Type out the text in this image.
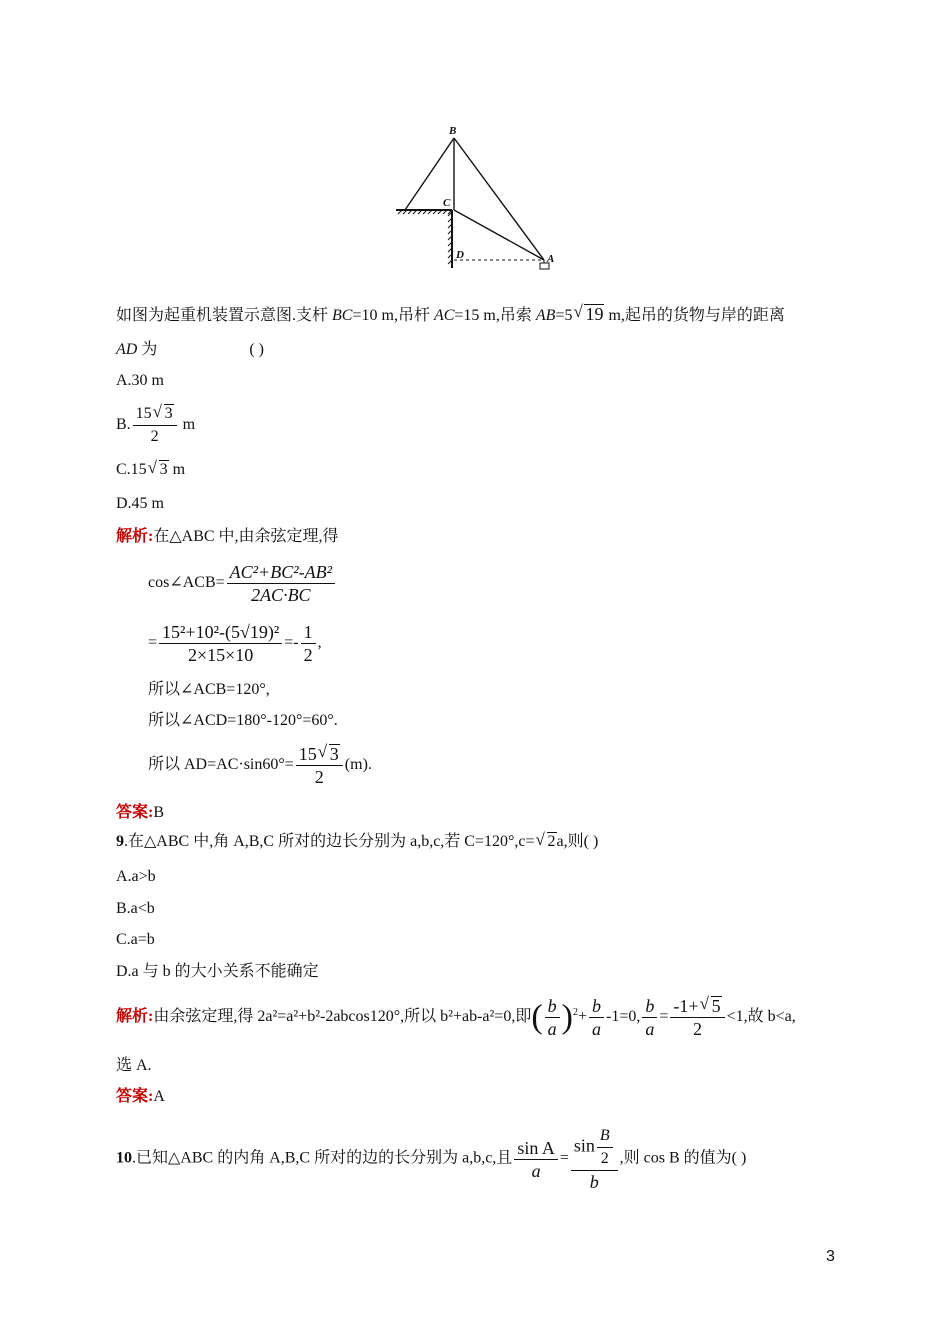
B
C
D	A
如图为起重机装置示意图.支杆 BC=10 m,吊杆 AC=15 m,吊索 AB=5 √ 19 m,起吊的货物与岸的距离
AD 为	( )
A.30 m
B. $\frac{15 √ 3}{2}$ m
C.15 √ 3 m
D.45 m
解析:在△ABC 中,由余弦定理,得
cos∠ACB= $\frac{\text{AC²+BC²-AB²}}{2AC\cdot BC}$
= $\frac{\text{15²+10²-(5√19)²}}{2\times 15\times 10} =- \frac{1}{2}$ ,
所以∠ACB=120°,
所以∠ACD=180°-120°=60°.
所以 $AD=AC\cdot\sin 60^\circ= \frac{15 √ 3}{2} (m)$.
答案:B
9.在△ABC 中,角 A,B,C 所对的边长分别为 a,b,c,若 C=120°,c= √ 2a,则( )
A.a>b
B.a<b
C.a=b
D.a 与 b 的大小关系不能确定
解析:由余弦定理,得 2a²=a²+b²-2abcos120°,所以 b²+ab-a²=0,即( $\frac{b}{a} )^2+ \frac{b}{a} -1=0$, $\frac{b}{a} = \frac{-1+ √ 5}{2} <1$,故 b<a,
选 A.
答案:A
10.已知△ABC 的内角 A,B,C 所对的边的长分别为 a,b,c,且 $\frac{\text{sin A}}{a} = \frac{\sin \frac{B}{2}}{b}$ ,则 cos B 的值为( )
3
